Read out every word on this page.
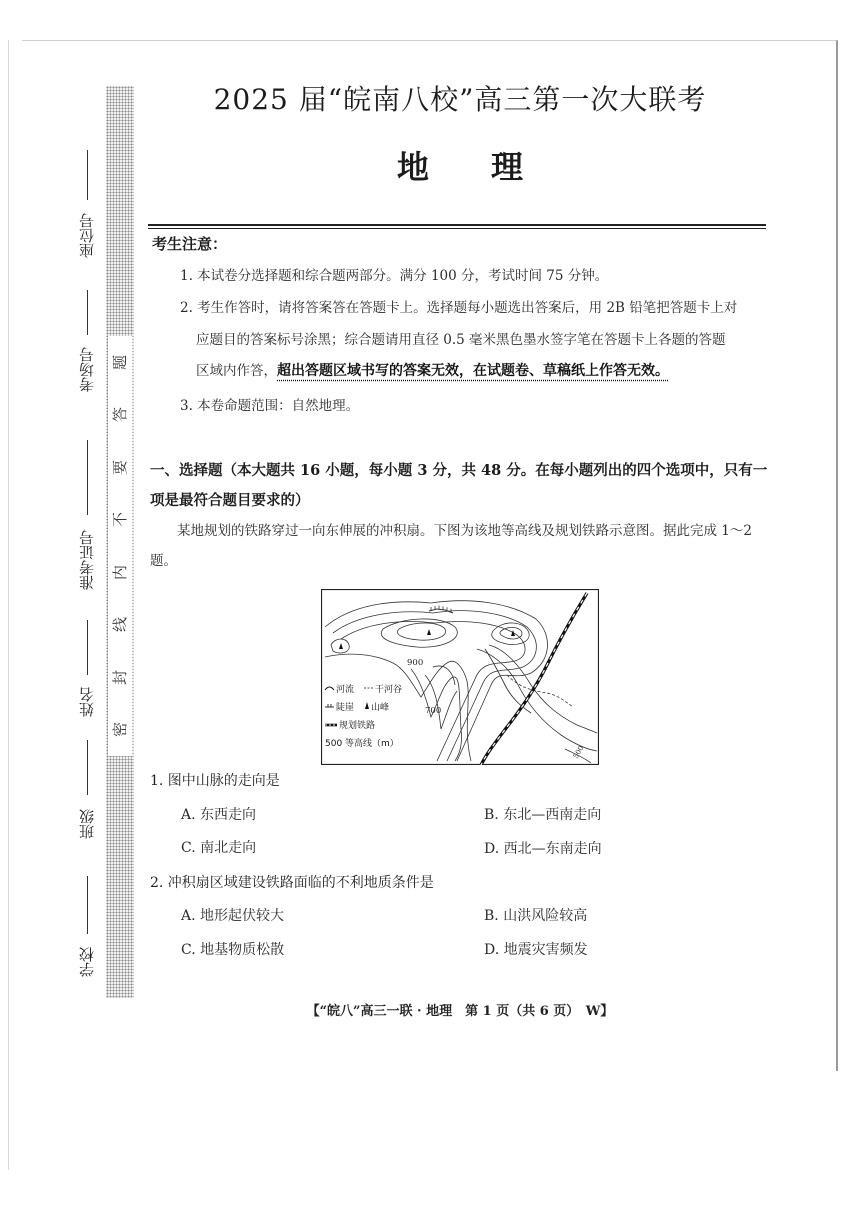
座位号
考场号
准考证号
姓名
班级
学校
题
答
要
不
内
线
封
密
2025 届“皖南八校”高三第一次大联考
地理
考生注意：
1. 本试卷分选择题和综合题两部分。满分 100 分，考试时间 75 分钟。
2. 考生作答时，请将答案答在答题卡上。选择题每小题选出答案后，用 2B 铅笔把答题卡上对
应题目的答案标号涂黑；综合题请用直径 0.5 毫米黑色墨水签字笔在答题卡上各题的答题
区域内作答，超出答题区域书写的答案无效，在试题卷、草稿纸上作答无效。
3. 本卷命题范围：自然地理。
一、选择题（本大题共 16 小题，每小题 3 分，共 48 分。在每小题列出的四个选项中，只有一项是最符合题目要求的）
某地规划的铁路穿过一向东伸展的冲积扇。下图为该地等高线及规划铁路示意图。据此完成 1～2 题。
900
700
500
河流 干河谷
陡崖 山峰
规划铁路
500 等高线（m）
1. 图中山脉的走向是
A. 东西走向	B. 东北—西南走向
C. 南北走向	D. 西北—东南走向
2. 冲积扇区域建设铁路面临的不利地质条件是
A. 地形起伏较大	B. 山洪风险较高
C. 地基物质松散	D. 地震灾害频发
【“皖八”高三一联 · 地理　第 1 页（共 6 页）　W】
